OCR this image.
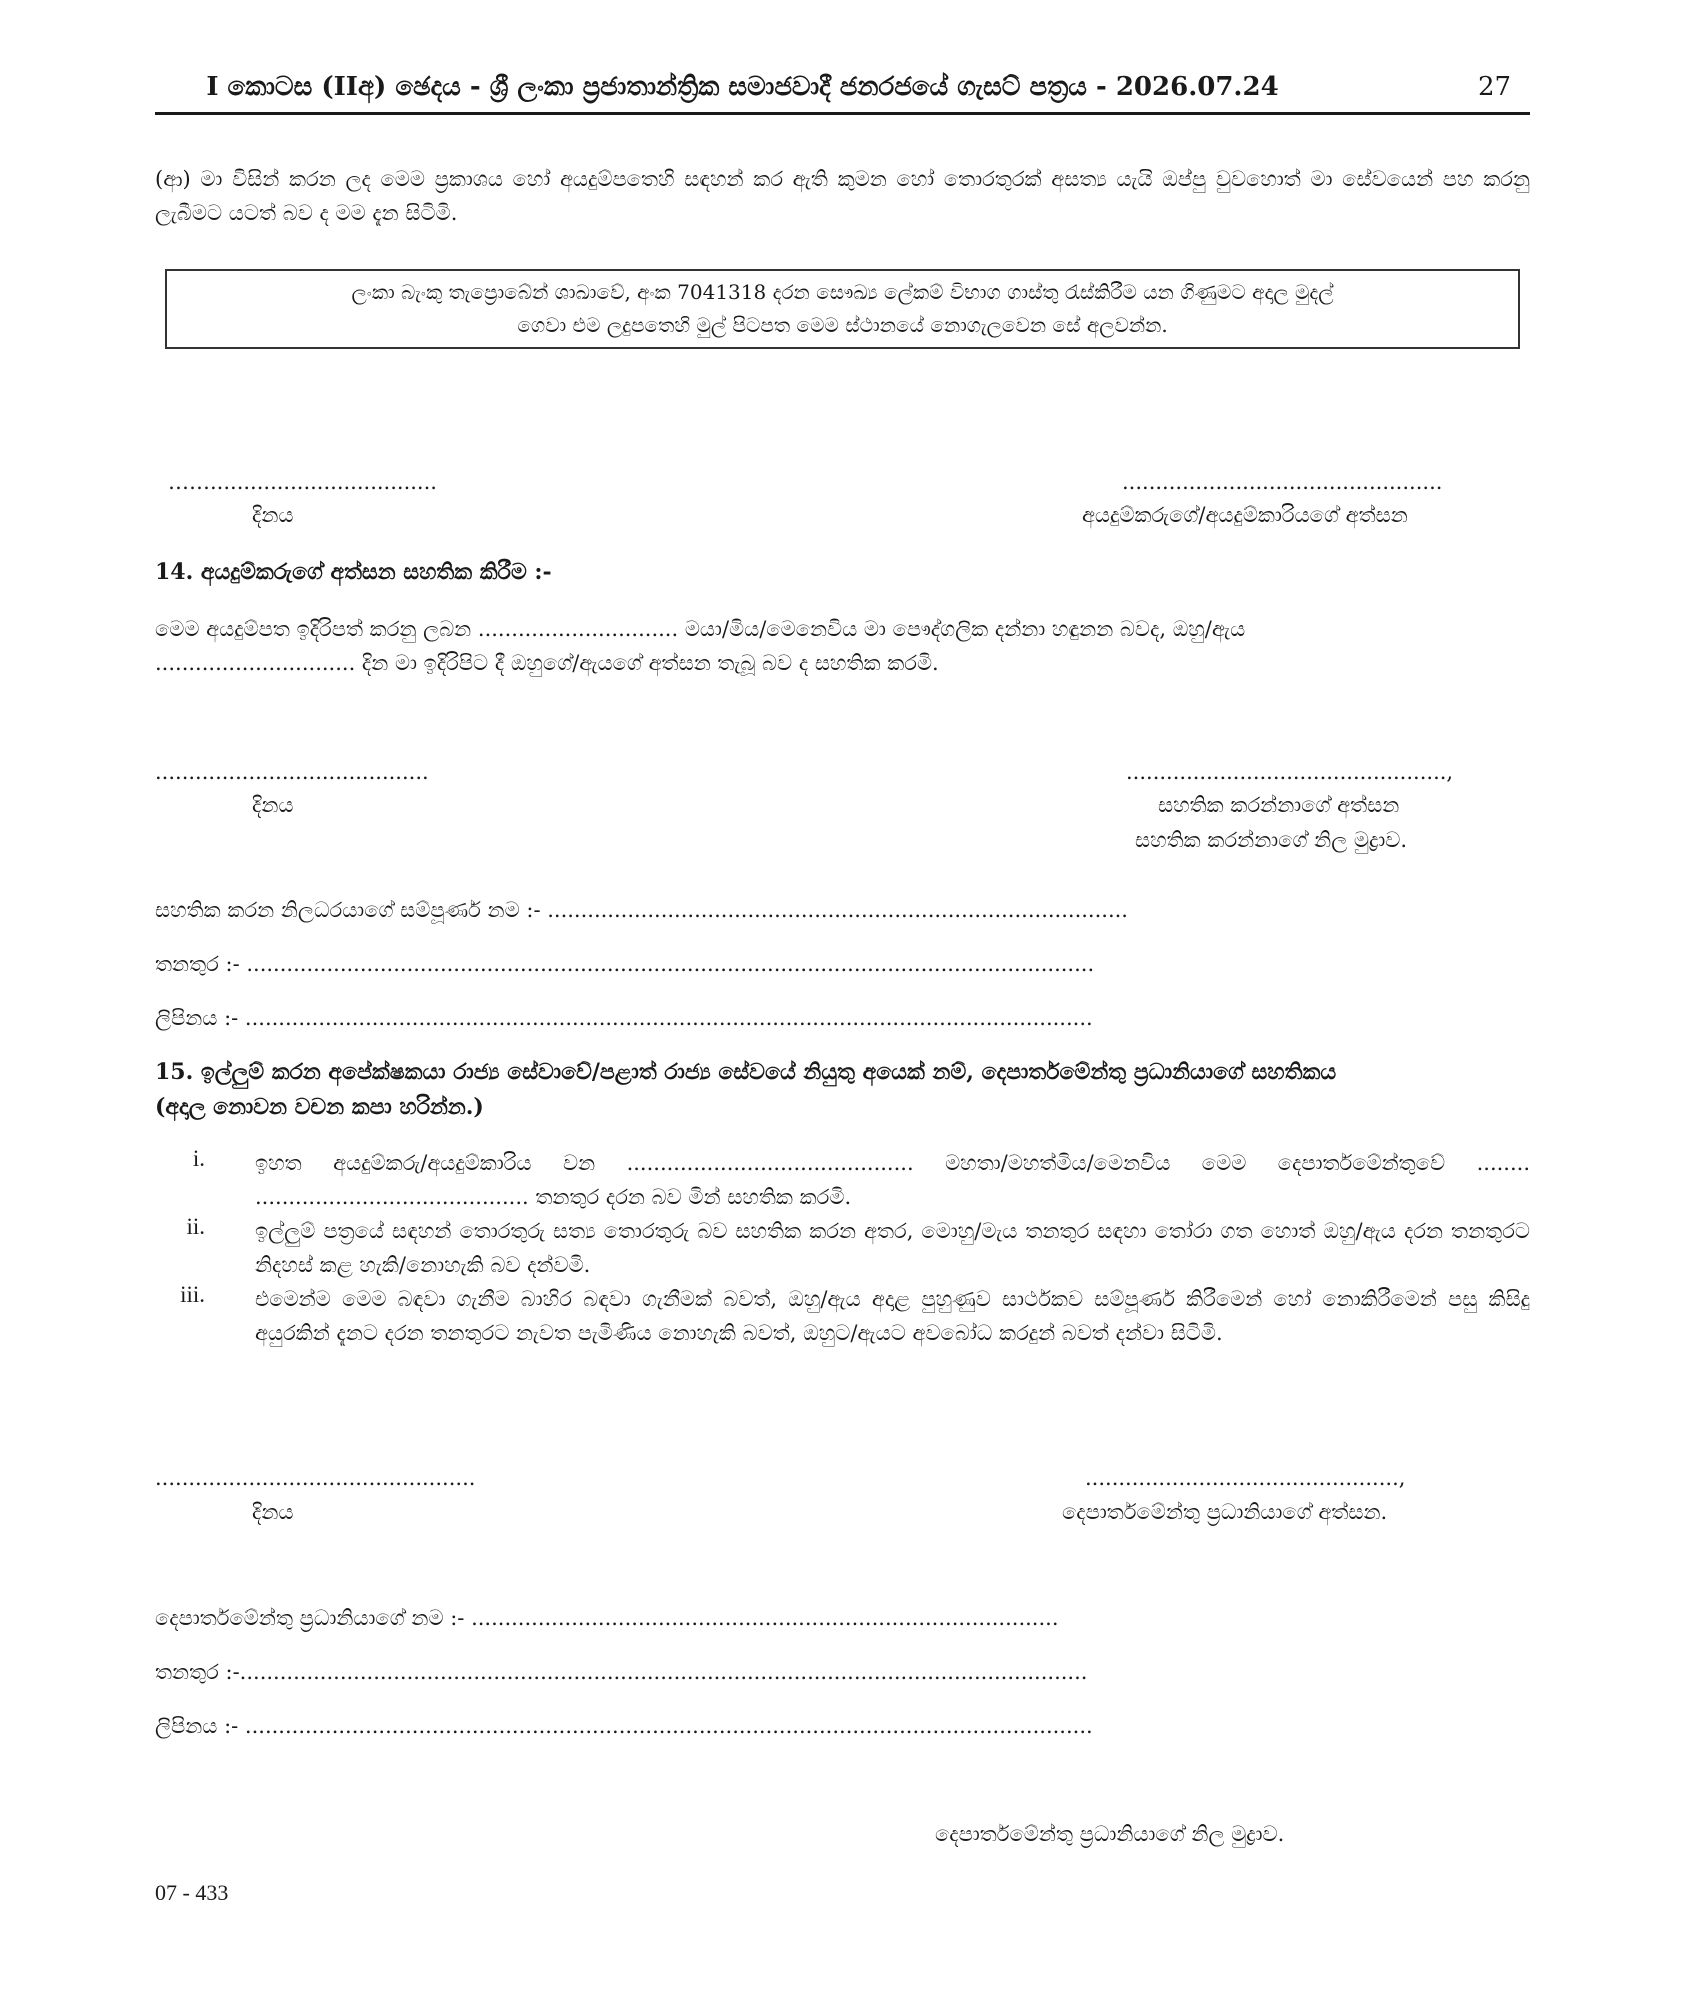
I කොටස (IIඅ) ඡෙදය - ශ්‍රී ලංකා ප්‍රජාතාන්ත්‍රික සමාජවාදී ජනරජයේ ගැසට් පත්‍රය - 2026.07.24	27
(ආ) මා විසින් කරන ලද මෙම ප්‍රකාශය හෝ අයදුම්පතෙහි සඳහන් කර ඇති කුමන හෝ තොරතුරක් අසත්‍ය යැයි ඔප්පු වුවහොත් මා සේවයෙන් පහ කරනු ලැබීමට යටත් බව ද මම දැන සිටිමි.
ලංකා බැංකු තැප්‍රොබේන් ශාඛාවේ, අංක 7041318 දරන සෞඛ්‍ය ලේකම් විභාග ගාස්තු රැස්කිරීම යන ගිණුමට අදාල මුදල්
ගෙවා එම ලදුපතෙහි මුල් පිටපත මෙම ස්ථානයේ නොගැලවෙන සේ අලවන්න.
……..................................
දිනය
................................................
අයදුම්කරුගේ/අයදුම්කාරියගේ අත්සන
14. අයදුම්කරුගේ අත්සන සහතික කිරීම :-
මෙම අයදුම්පත ඉදිරිපත් කරනු ලබන .............................. මයා/මිය/මෙනෙවිය මා පෞද්ගලික දන්නා හඳුනන බවද, ඔහු/ඇය
.............................. දින මා ඉදිරිපිට දී ඔහුගේ/ඇයගේ අත්සන තැබූ බව ද සහතික කරමි.
.........................................
දිනය
................................................,
සහතික කරන්නාගේ අත්සන
සහතික කරන්නාගේ නිල මුද්‍රාව.
සහතික කරන නිලධරයාගේ සම්පූර්ණ නම :- .......................................................................................
තනතුර :- ...............................................................................................................................
ලිපිනය :- ...............................................................................................................................
15. ඉල්ලුම් කරන අපේක්ෂකයා රාජ්‍ය සේවාවේ/පළාත් රාජ්‍ය සේවයේ නියුතු අයෙක් නම්, දෙපාර්තමේන්තු ප්‍රධානියාගේ සහතිකය
(අදාල නොවන වචන කපා හරින්න.)
i. ඉහත අයදුම්කරු/අයදුම්කාරිය වන ........................................... මහතා/මහත්මිය/මෙනවිය මෙම දෙපාර්තමේන්තුවේ ........ ......................................... තනතුර දරන බව මින් සහතික කරමි.
ii. ඉල්ලුම් පත්‍රයේ සඳහන් තොරතුරු සත්‍ය තොරතුරු බව සහතික කරන අතර, මොහු/මැය තනතුර සඳහා තෝරා ගත හොත් ඔහු/ඇය දරන තනතුරට නිදහස් කළ හැකි/නොහැකි බව දන්වමි.
iii. එමෙන්ම මෙම බඳවා ගැනීම බාහිර බඳවා ගැනීමක් බවත්, ඔහු/ඇය අදාළ පුහුණුව සාර්ථකව සම්පූර්ණ කිරීමෙන් හෝ නොකිරීමෙන් පසු කිසිදු අයුරකින් දැනට දරන තනතුරට නැවත පැමිණිය නොහැකි බවත්, ඔහුට/ඇයට අවබෝධ කරදුන් බවත් දන්වා සිටිමි.
................................................
දිනය
...............................................,
දෙපාර්තමේන්තු ප්‍රධානියාගේ අත්සන.
දෙපාර්තමේන්තු ප්‍රධානියාගේ නම :- ........................................................................................
තනතුර :-...............................................................................................................................
ලිපිනය :- ...............................................................................................................................
දෙපාර්තමේන්තු ප්‍රධානියාගේ නිල මුද්‍රාව.
07 - 433
